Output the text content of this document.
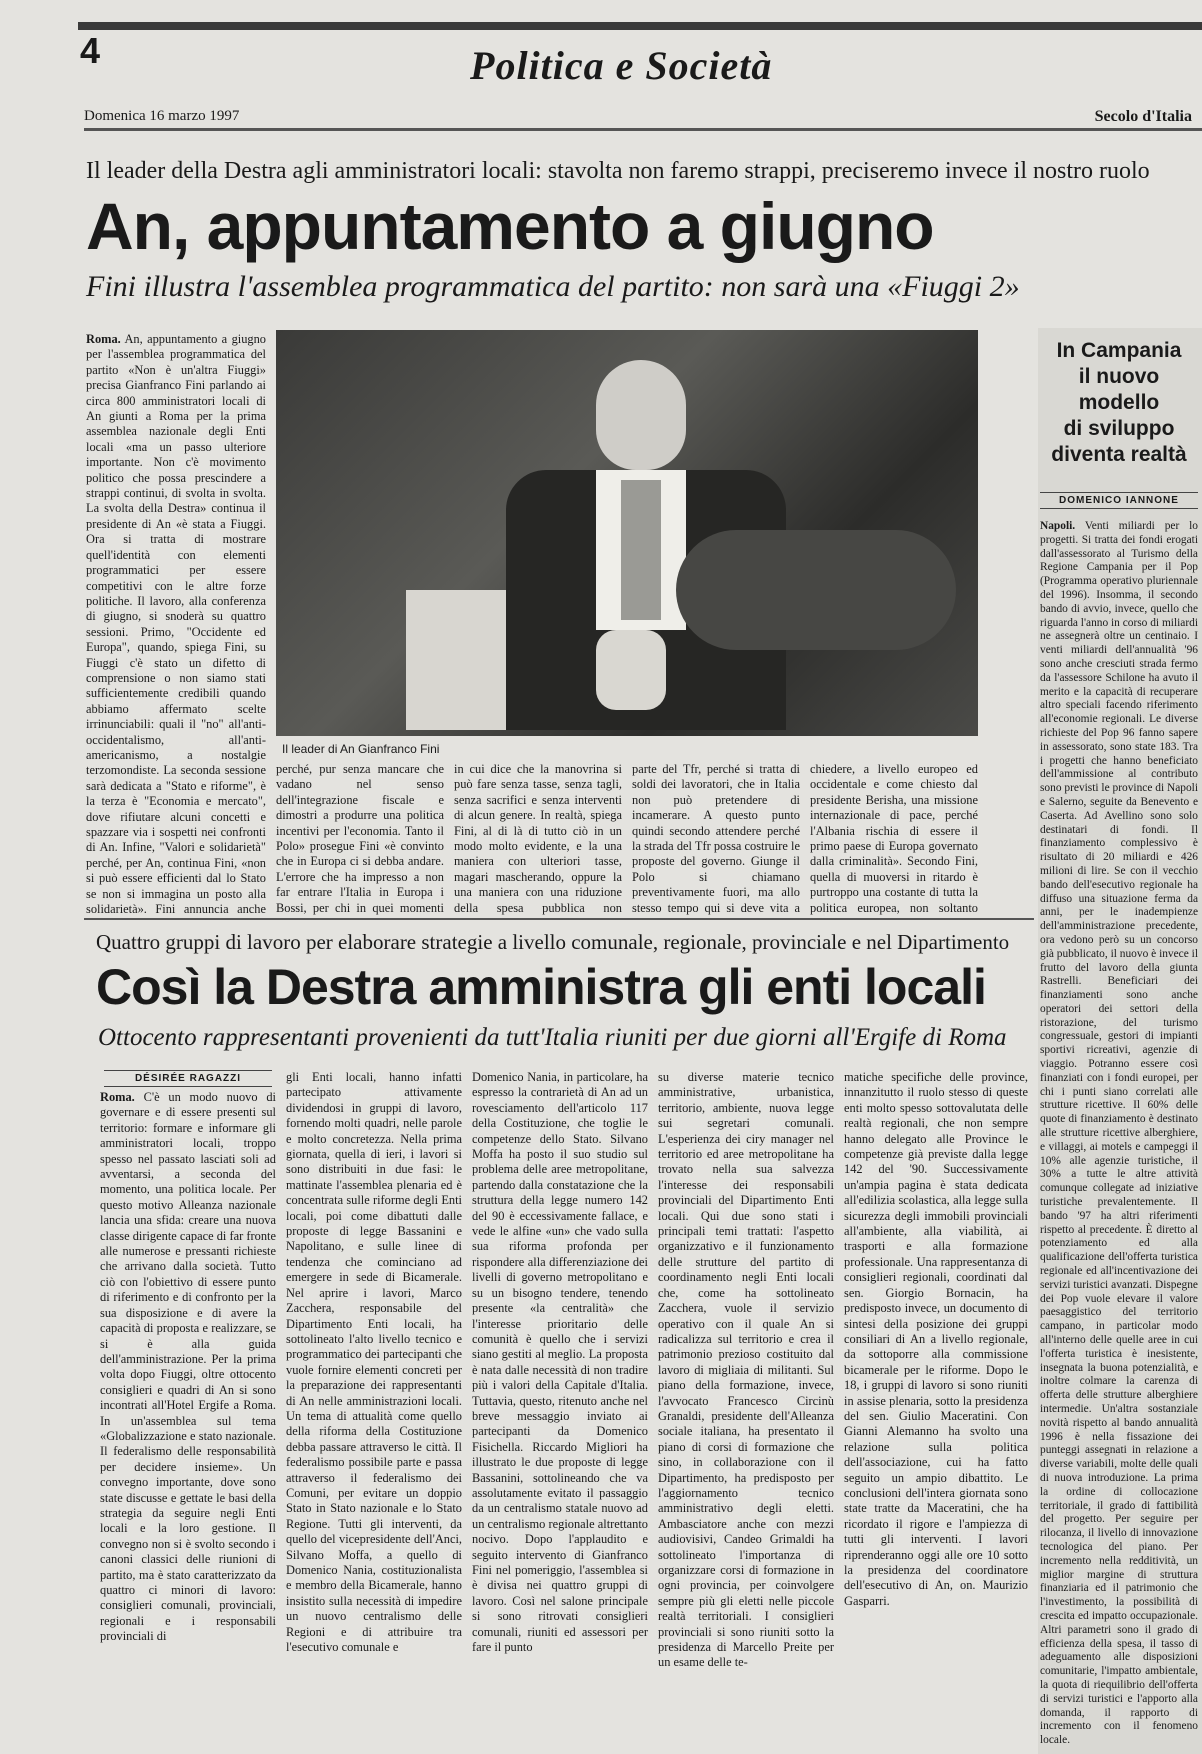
4	Politica e Società
Domenica 16 marzo 1997	Secolo d'Italia
Il leader della Destra agli amministratori locali: stavolta non faremo strappi, preciseremo invece il nostro ruolo
An, appuntamento a giugno
Fini illustra l'assemblea programmatica del partito: non sarà una «Fiuggi 2»
Roma. An, appuntamento a giugno per l'assemblea programmatica del partito «Non è un'altra Fiuggi» precisa Gianfranco Fini parlando ai circa 800 amministratori locali di An giunti a Roma per la prima assemblea nazionale degli Enti locali «ma un passo ulteriore importante. Non c'è movimento politico che possa prescindere a strappi continui, di svolta in svolta. La svolta della Destra» continua il presidente di An «è stata a Fiuggi. Ora si tratta di mostrare quell'identità con elementi programmatici per essere competitivi con le altre forze politiche. Il lavoro, alla conferenza di giugno, si snoderà su quattro sessioni. Primo, "Occidente ed Europa", quando, spiega Fini, su Fiuggi c'è stato un difetto di comprensione o non siamo stati sufficientemente credibili quando abbiamo affermato scelte irrinunciabili: quali il "no" all'anti-occidentalismo, all'anti-americanismo, a nostalgie terzomondiste. La seconda sessione sarà dedicata a "Stato e riforme", è la terza è "Economia e mercato", dove rifiutare alcuni concetti e spazzare via i sospetti nei confronti di An. Infine, "Valori e solidarietà" perché, per An, continua Fini, «non si può essere efficienti dal lo Stato se non si immagina un posto alla solidarietà». Fini annuncia anche
Il leader di An Gianfranco Fini
perché, pur senza mancare che vadano nel senso dell'integrazione fiscale e dimostri a produrre una politica incentivi per l'economia. Tanto il Polo» prosegue Fini «è convinto che in Europa ci si debba andare. L'errore che ha impresso a non far entrare l'Italia in Europa i Bossi, per chi in quei momenti
in cui dice che la manovrina si può fare senza tasse, senza tagli, senza sacrifici e senza interventi di alcun genere. In realtà, spiega Fini, al di là di tutto ciò in un modo molto evidente, e la una maniera con ulteriori tasse, magari mascherando, oppure la una maniera con una riduzione della spesa pubblica non
parte del Tfr, perché si tratta di soldi dei lavoratori, che in Italia non può pretendere di incamerare. A questo punto quindi secondo attendere perché la strada del Tfr possa costruire le proposte del governo. Giunge il Polo si chiamano preventivamente fuori, ma allo stesso tempo qui si deve vita a
chiedere, a livello europeo ed occidentale e come chiesto dal presidente Berisha, una missione internazionale di pace, perché l'Albania rischia di essere il primo paese di Europa governato dalla criminalità». Secondo Fini, quella di muoversi in ritardo è purtroppo una costante di tutta la politica europea, non soltanto
In Campania
il nuovo
modello
di sviluppo
diventa realtà
DOMENICO IANNONE
Napoli. Venti miliardi per lo progetti. Si tratta dei fondi erogati dall'assessorato al Turismo della Regione Campania per il Pop (Programma operativo pluriennale del 1996). Insomma, il secondo bando di avvio, invece, quello che riguarda l'anno in corso di miliardi ne assegnerà oltre un centinaio. I venti miliardi dell'annualità '96 sono anche cresciuti strada fermo da l'assessore Schilone ha avuto il merito e la capacità di recuperare altro speciali facendo riferimento all'economie regionali. Le diverse richieste del Pop 96 fanno sapere in assessorato, sono state 183. Tra i progetti che hanno beneficiato dell'ammissione al contributo sono previsti le province di Napoli e Salerno, seguite da Benevento e Caserta. Ad Avellino sono solo destinatari di fondi. Il finanziamento complessivo è risultato di 20 miliardi e 426 milioni di lire. Se con il vecchio bando dell'esecutivo regionale ha diffuso una situazione ferma da anni, per le inadempienze dell'amministrazione precedente, ora vedono però su un concorso già pubblicato, il nuovo è invece il frutto del lavoro della giunta Rastrelli. Beneficiari dei finanziamenti sono anche operatori dei settori della ristorazione, del turismo congressuale, gestori di impianti sportivi ricreativi, agenzie di viaggio. Potranno essere così finanziati con i fondi europei, per chi i punti siano correlati alle strutture ricettive. Il 60% delle quote di finanziamento è destinato alle strutture ricettive alberghiere, e villaggi, ai motels e campeggi il 10% alle agenzie turistiche, il 30% a tutte le altre attività comunque collegate ad iniziative turistiche prevalentemente. Il bando '97 ha altri riferimenti rispetto al precedente. È diretto al potenziamento ed alla qualificazione dell'offerta turistica regionale ed all'incentivazione dei servizi turistici avanzati. Dispegne dei Pop vuole elevare il valore paesaggistico del territorio campano, in particolar modo all'interno delle quelle aree in cui l'offerta turistica è inesistente, insegnata la buona potenzialità, e inoltre colmare la carenza di offerta delle strutture alberghiere intermedie. Un'altra sostanziale novità rispetto al bando annualità 1996 è nella fissazione dei punteggi assegnati in relazione a diverse variabili, molte delle quali di nuova introduzione. La prima la ordine di collocazione territoriale, il grado di fattibilità del progetto. Per seguire per rilocanza, il livello di innovazione tecnologica del piano. Per incremento nella redditività, un miglior margine di struttura finanziaria ed il patrimonio che l'investimento, la possibilità di crescita ed impatto occupazionale. Altri parametri sono il grado di efficienza della spesa, il tasso di adeguamento alle disposizioni comunitarie, l'impatto ambientale, la quota di riequilibrio dell'offerta di servizi turistici e l'apporto alla domanda, il rapporto di incremento con il fenomeno locale.
Quattro gruppi di lavoro per elaborare strategie a livello comunale, regionale, provinciale e nel Dipartimento
Così la Destra amministra gli enti locali
Ottocento rappresentanti provenienti da tutt'Italia riuniti per due giorni all'Ergife di Roma
DÉSIRÉE RAGAZZI
Roma. C'è un modo nuovo di governare e di essere presenti sul territorio: formare e informare gli amministratori locali, troppo spesso nel passato lasciati soli ad avventarsi, a seconda del momento, una politica locale. Per questo motivo Alleanza nazionale lancia una sfida: creare una nuova classe dirigente capace di far fronte alle numerose e pressanti richieste che arrivano dalla società. Tutto ciò con l'obiettivo di essere punto di riferimento e di confronto per la sua disposizione e di avere la capacità di proposta e realizzare, se si è alla guida dell'amministrazione. Per la prima volta dopo Fiuggi, oltre ottocento consiglieri e quadri di An si sono incontrati all'Hotel Ergife a Roma. In un'assemblea sul tema «Globalizzazione e stato nazionale. Il federalismo delle responsabilità per decidere insieme». Un convegno importante, dove sono state discusse e gettate le basi della strategia da seguire negli Enti locali e la loro gestione. Il convegno non si è svolto secondo i canoni classici delle riunioni di partito, ma è stato caratterizzato da quattro ci minori di lavoro: consiglieri comunali, provinciali, regionali e i responsabili provinciali di
gli Enti locali, hanno infatti partecipato attivamente dividendosi in gruppi di lavoro, fornendo molti quadri, nelle parole e molto concretezza. Nella prima giornata, quella di ieri, i lavori si sono distribuiti in due fasi: le mattinate l'assemblea plenaria ed è concentrata sulle riforme degli Enti locali, poi come dibattuti dalle proposte di legge Bassanini e Napolitano, e sulle linee di tendenza che cominciano ad emergere in sede di Bicamerale. Nel aprire i lavori, Marco Zacchera, responsabile del Dipartimento Enti locali, ha sottolineato l'alto livello tecnico e programmatico dei partecipanti che vuole fornire elementi concreti per la preparazione dei rappresentanti di An nelle amministrazioni locali. Un tema di attualità come quello della riforma della Costituzione debba passare attraverso le città. Il federalismo possibile parte e passa attraverso il federalismo dei Comuni, per evitare un doppio Stato in Stato nazionale e lo Stato Regione. Tutti gli interventi, da quello del vicepresidente dell'Anci, Silvano Moffa, a quello di Domenico Nania, costituzionalista e membro della Bicamerale, hanno insistito sulla necessità di impedire un nuovo centralismo delle Regioni e di attribuire tra l'esecutivo comunale e
Domenico Nania, in particolare, ha espresso la contrarietà di An ad un rovesciamento dell'articolo 117 della Costituzione, che toglie le competenze dello Stato. Silvano Moffa ha posto il suo studio sul problema delle aree metropolitane, partendo dalla constatazione che la struttura della legge numero 142 del 90 è eccessivamente fallace, e vede le alfine «un» che vado sulla sua riforma profonda per rispondere alla differenziazione dei livelli di governo metropolitano e su un bisogno tendere, tenendo presente «la centralità» che l'interesse prioritario delle comunità è quello che i servizi siano gestiti al meglio. La proposta è nata dalle necessità di non tradire più i valori della Capitale d'Italia. Tuttavia, questo, ritenuto anche nel breve messaggio inviato ai partecipanti da Domenico Fisichella. Riccardo Migliori ha illustrato le due proposte di legge Bassanini, sottolineando che va assolutamente evitato il passaggio da un centralismo statale nuovo ad un centralismo regionale altrettanto nocivo. Dopo l'applaudito e seguito intervento di Gianfranco Fini nel pomeriggio, l'assemblea si è divisa nei quattro gruppi di lavoro. Così nel salone principale si sono ritrovati consiglieri comunali, riuniti ed assessori per fare il punto
su diverse materie tecnico amministrative, urbanistica, territorio, ambiente, nuova legge sui segretari comunali. L'esperienza dei ciry manager nel territorio ed aree metropolitane ha trovato nella sua salvezza l'interesse dei responsabili provinciali del Dipartimento Enti locali. Qui due sono stati i principali temi trattati: l'aspetto organizzativo e il funzionamento delle strutture del partito di coordinamento negli Enti locali che, come ha sottolineato Zacchera, vuole il servizio operativo con il quale An si radicalizza sul territorio e crea il patrimonio prezioso costituito dal lavoro di migliaia di militanti. Sul piano della formazione, invece, l'avvocato Francesco Circinù Granaldi, presidente dell'Alleanza sociale italiana, ha presentato il piano di corsi di formazione che sino, in collaborazione con il Dipartimento, ha predisposto per l'aggiornamento tecnico amministrativo degli eletti. Ambasciatore anche con mezzi audiovisivi, Candeo Grimaldi ha sottolineato l'importanza di organizzare corsi di formazione in ogni provincia, per coinvolgere sempre più gli eletti nelle piccole realtà territoriali. I consiglieri provinciali si sono riuniti sotto la presidenza di Marcello Preite per un esame delle te-
matiche specifiche delle province, innanzitutto il ruolo stesso di queste enti molto spesso sottovalutata delle realtà regionali, che non sempre hanno delegato alle Province le competenze già previste dalla legge 142 del '90. Successivamente un'ampia pagina è stata dedicata all'edilizia scolastica, alla legge sulla sicurezza degli immobili provinciali all'ambiente, alla viabilità, ai trasporti e alla formazione professionale. Una rappresentanza di consiglieri regionali, coordinati dal sen. Giorgio Bornacin, ha predisposto invece, un documento di sintesi della posizione dei gruppi consiliari di An a livello regionale, da sottoporre alla commissione bicamerale per le riforme. Dopo le 18, i gruppi di lavoro si sono riuniti in assise plenaria, sotto la presidenza del sen. Giulio Maceratini. Con Gianni Alemanno ha svolto una relazione sulla politica dell'associazione, cui ha fatto seguito un ampio dibattito. Le conclusioni dell'intera giornata sono state tratte da Maceratini, che ha ricordato il rigore e l'ampiezza di tutti gli interventi. I lavori riprenderanno oggi alle ore 10 sotto la presidenza del coordinatore dell'esecutivo di An, on. Maurizio Gasparri.
